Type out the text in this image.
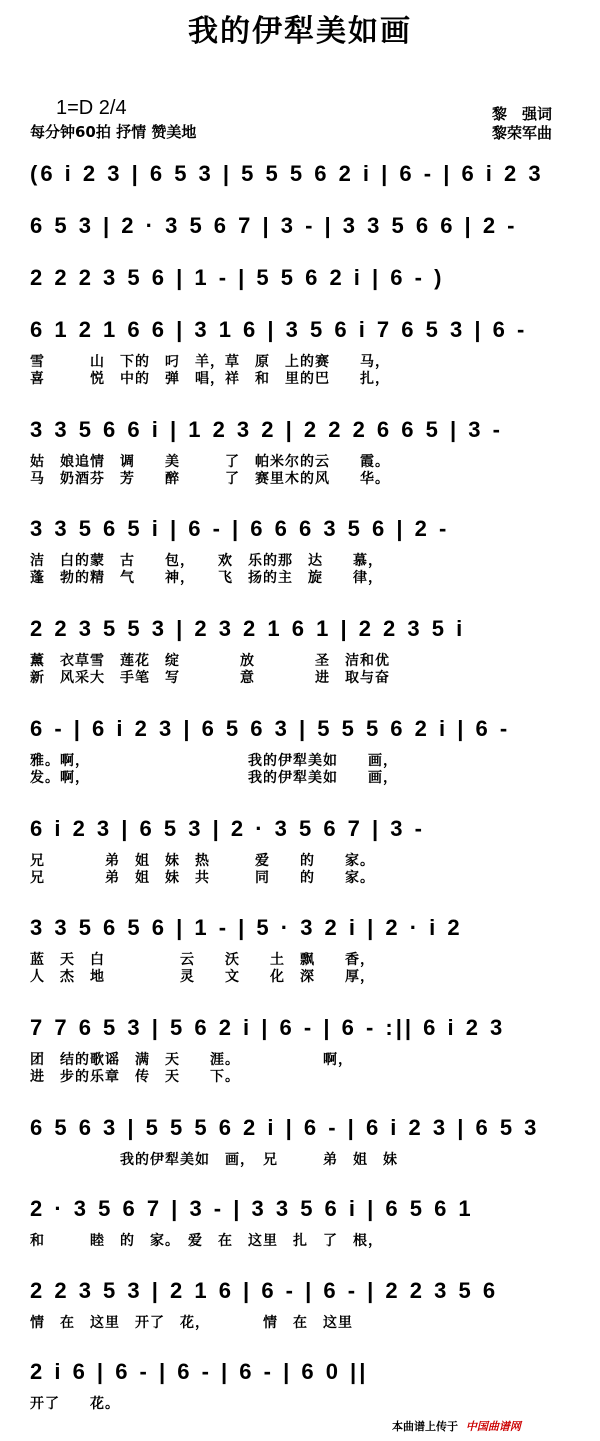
我的伊犁美如画
1=D 2/4
每分钟60拍 抒情 赞美地
黎　强词
黎荣军曲
(6 i 2 3 | 6 5 3 | 5 5 5 6 2 i | 6 - | 6 i 2 3
6 5 3 | 2 · 3 5 6 7 | 3 - | 3 3 5 6 6 | 2 -
2 2 2 3 5 6 | 1 - | 5 5 6 2 i | 6 - )
6 1 2 1 6 6 | 3 1 6 | 3 5 6 i 7 6 5 3 | 6 -
雪　　　山　下的　叼　羊，草　原　上的赛　　马，
喜　　　悦　中的　弹　唱，祥　和　里的巴　　扎，
3 3 5 6 6 i | 1 2 3 2 | 2 2 2 6 6 5 | 3 -
姑　娘追情　调　　美　　　了　帕米尔的云　　霞。
马　奶酒芬　芳　　醉　　　了　赛里木的风　　华。
3 3 5 6 5 i | 6 - | 6 6 6 3 5 6 | 2 -
洁　白的蒙　古　　包，　　欢　乐的那　达　　慕，
蓬　勃的精　气　　神，　　飞　扬的主　旋　　律，
2 2 3 5 5 3 | 2 3 2 1 6 1 | 2 2 3 5 i
薰　衣草雪　莲花　绽　　　　放　　　　圣　洁和优
新　风采大　手笔　写　　　　意　　　　进　取与奋
6 - | 6 i 2 3 | 6 5 6 3 | 5 5 5 6 2 i | 6 -
雅。啊，　　　　　　　　　　　我的伊犁美如　　画，
发。啊，　　　　　　　　　　　我的伊犁美如　　画，
6 i 2 3 | 6 5 3 | 2 · 3 5 6 7 | 3 -
兄　　　　弟　姐　妹　热　　　爱　　的　　家。
兄　　　　弟　姐　妹　共　　　同　　的　　家。
3 3 5 6 5 6 | 1 - | 5 · 3 2 i | 2 · i 2
蓝　天　白　　　　　云　　沃　　土　飘　　香，
人　杰　地　　　　　灵　　文　　化　深　　厚，
7 7 6 5 3 | 5 6 2 i | 6 - | 6 - :|| 6 i 2 3
团　结的歌谣　满　天　　涯。　　　　　　啊，
进　步的乐章　传　天　　下。
6 5 6 3 | 5 5 5 6 2 i | 6 - | 6 i 2 3 | 6 5 3
　　　　　　我的伊犁美如　画，　兄　　　弟　姐　妹
2 · 3 5 6 7 | 3 - | 3 3 5 6 i | 6 5 6 1
和　　　睦　的　家。　爱　在　这里　扎　了　根，
2 2 3 5 3 | 2 1 6 | 6 - | 6 - | 2 2 3 5 6
情　在　这里　开了　花，　　　　情　在　这里
2 i 6 | 6 - | 6 - | 6 - | 6 0 ||
开了　　花。
本曲谱上传于 中国曲谱网
